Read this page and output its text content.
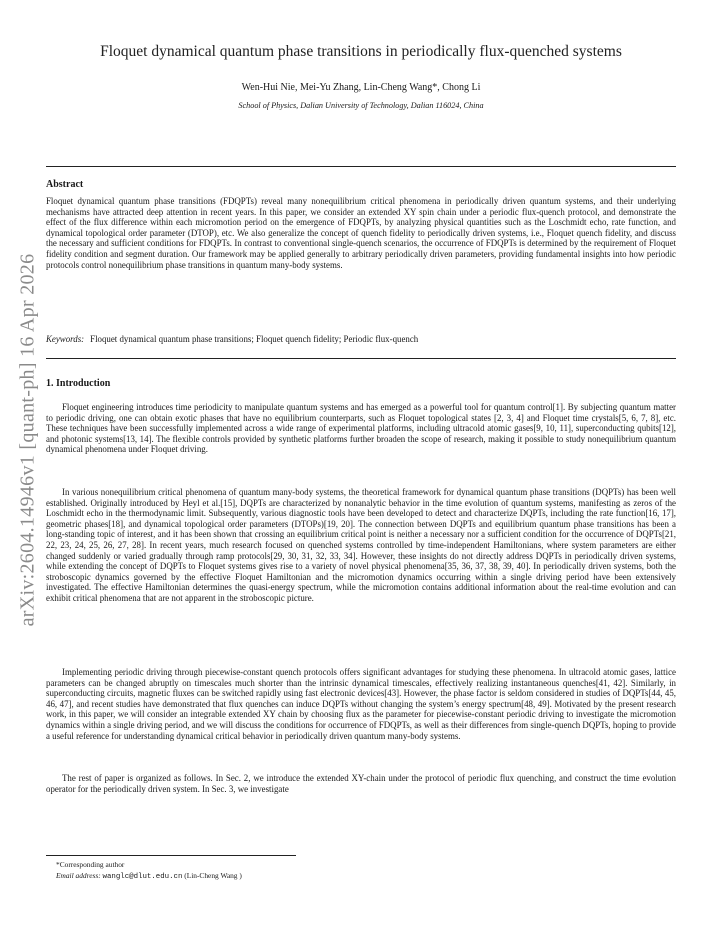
arXiv:2604.14946v1 [quant-ph] 16 Apr 2026
Floquet dynamical quantum phase transitions in periodically flux-quenched systems
Wen-Hui Nie, Mei-Yu Zhang, Lin-Cheng Wang*, Chong Li
School of Physics, Dalian University of Technology, Dalian 116024, China
Abstract
Floquet dynamical quantum phase transitions (FDQPTs) reveal many nonequilibrium critical phenomena in periodically driven quantum systems, and their underlying mechanisms have attracted deep attention in recent years. In this paper, we consider an extended XY spin chain under a periodic flux-quench protocol, and demonstrate the effect of the flux difference within each micromotion period on the emergence of FDQPTs, by analyzing physical quantities such as the Loschmidt echo, rate function, and dynamical topological order parameter (DTOP), etc. We also generalize the concept of quench fidelity to periodically driven systems, i.e., Floquet quench fidelity, and discuss the necessary and sufficient conditions for FDQPTs. In contrast to conventional single-quench scenarios, the occurrence of FDQPTs is determined by the requirement of Floquet fidelity condition and segment duration. Our framework may be applied generally to arbitrary periodically driven parameters, providing fundamental insights into how periodic protocols control nonequilibrium phase transitions in quantum many-body systems.
Keywords: Floquet dynamical quantum phase transitions; Floquet quench fidelity; Periodic flux-quench
1. Introduction
Floquet engineering introduces time periodicity to manipulate quantum systems and has emerged as a powerful tool for quantum control[1]. By subjecting quantum matter to periodic driving, one can obtain exotic phases that have no equilibrium counterparts, such as Floquet topological states [2, 3, 4] and Floquet time crystals[5, 6, 7, 8], etc. These techniques have been successfully implemented across a wide range of experimental platforms, including ultracold atomic gases[9, 10, 11], superconducting qubits[12], and photonic systems[13, 14]. The flexible controls provided by synthetic platforms further broaden the scope of research, making it possible to study nonequilibrium quantum dynamical phenomena under Floquet driving.
In various nonequilibrium critical phenomena of quantum many-body systems, the theoretical framework for dynamical quantum phase transitions (DQPTs) has been well established. Originally introduced by Heyl et al.[15], DQPTs are characterized by nonanalytic behavior in the time evolution of quantum systems, manifesting as zeros of the Loschmidt echo in the thermodynamic limit. Subsequently, various diagnostic tools have been developed to detect and characterize DQPTs, including the rate function[16, 17], geometric phases[18], and dynamical topological order parameters (DTOPs)[19, 20]. The connection between DQPTs and equilibrium quantum phase transitions has been a long-standing topic of interest, and it has been shown that crossing an equilibrium critical point is neither a necessary nor a sufficient condition for the occurrence of DQPTs[21, 22, 23, 24, 25, 26, 27, 28]. In recent years, much research focused on quenched systems controlled by time-independent Hamiltonians, where system parameters are either changed suddenly or varied gradually through ramp protocols[29, 30, 31, 32, 33, 34]. However, these insights do not directly address DQPTs in periodically driven systems, while extending the concept of DQPTs to Floquet systems gives rise to a variety of novel physical phenomena[35, 36, 37, 38, 39, 40]. In periodically driven systems, both the stroboscopic dynamics governed by the effective Floquet Hamiltonian and the micromotion dynamics occurring within a single driving period have been extensively investigated. The effective Hamiltonian determines the quasi-energy spectrum, while the micromotion contains additional information about the real-time evolution and can exhibit critical phenomena that are not apparent in the stroboscopic picture.
Implementing periodic driving through piecewise-constant quench protocols offers significant advantages for studying these phenomena. In ultracold atomic gases, lattice parameters can be changed abruptly on timescales much shorter than the intrinsic dynamical timescales, effectively realizing instantaneous quenches[41, 42]. Similarly, in superconducting circuits, magnetic fluxes can be switched rapidly using fast electronic devices[43]. However, the phase factor is seldom considered in studies of DQPTs[44, 45, 46, 47], and recent studies have demonstrated that flux quenches can induce DQPTs without changing the system’s energy spectrum[48, 49]. Motivated by the present research work, in this paper, we will consider an integrable extended XY chain by choosing flux as the parameter for piecewise-constant periodic driving to investigate the micromotion dynamics within a single driving period, and we will discuss the conditions for occurrence of FDQPTs, as well as their differences from single-quench DQPTs, hoping to provide a useful reference for understanding dynamical critical behavior in periodically driven quantum many-body systems.
The rest of paper is organized as follows. In Sec. 2, we introduce the extended XY-chain under the protocol of periodic flux quenching, and construct the time evolution operator for the periodically driven system. In Sec. 3, we investigate
*Corresponding author
Email address: wanglc@dlut.edu.cn (Lin-Cheng Wang )
